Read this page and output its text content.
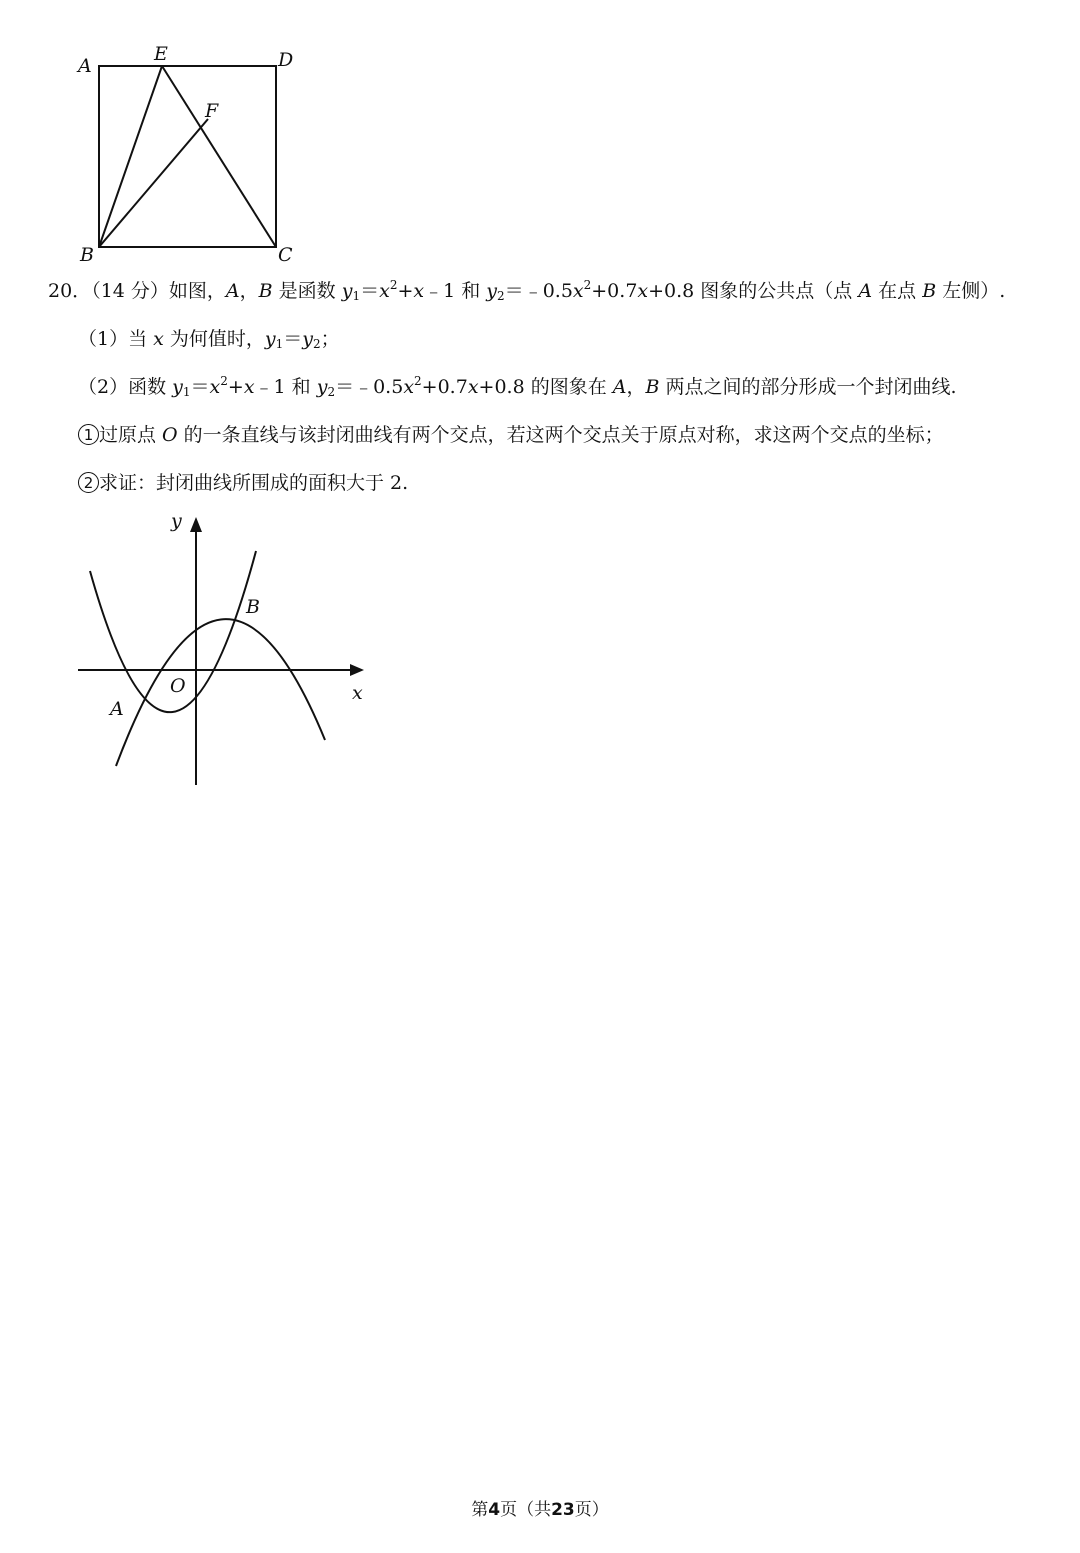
A
E	D
F
B	C
20．（14 分）如图，A，B 是函数 $y_1=x^2+x﹣1$ 和 $y_2=﹣0.5x^2+0.7x+0.8$ 图象的公共点（点 A 在点 B 左侧）.
（1）当 x 为何值时，$y_1=y_2$；
（2）函数 $y_1=x^2+x﹣1$ 和 $y_2=﹣0.5x^2+0.7x+0.8$ 的图象在 A，B 两点之间的部分形成一个封闭曲线.
1 过原点 O 的一条直线与该封闭曲线有两个交点，若这两个交点关于原点对称，求这两个交点的坐标；
2 求证：封闭曲线所围成的面积大于 2.
y
x
O
A
B
第4页（共23页）
